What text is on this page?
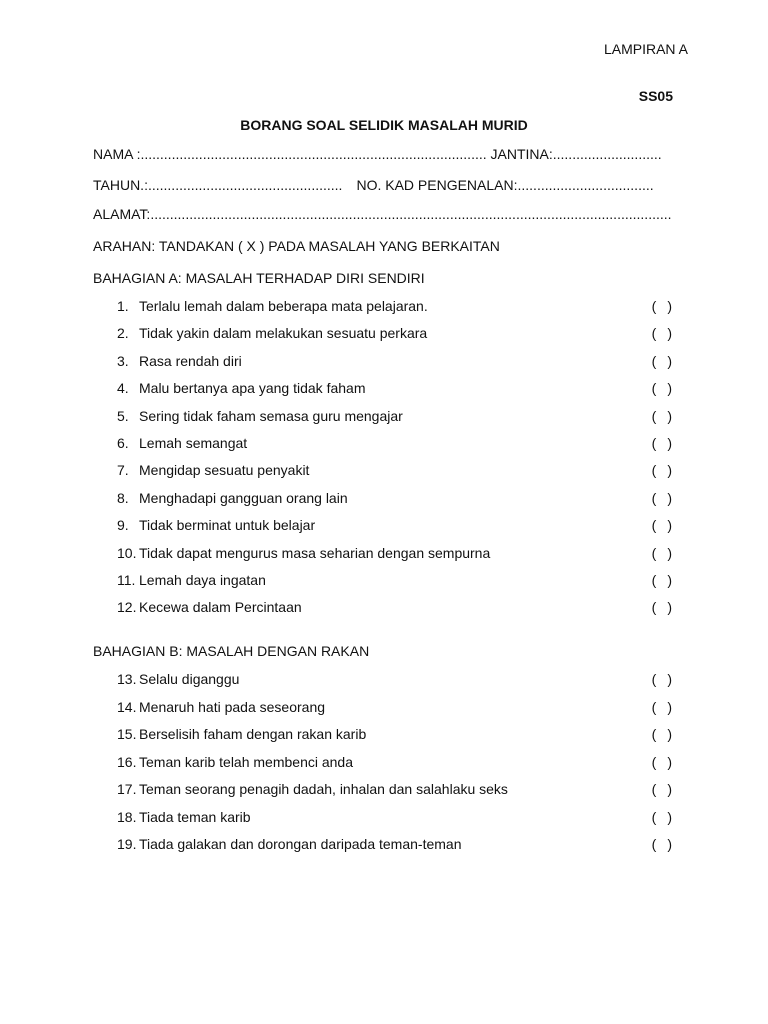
LAMPIRAN A
SS05
BORANG SOAL SELIDIK MASALAH MURID
NAMA :......................................................................................... JANTINA:............................
TAHUN.:.................................................. NO. KAD PENGENALAN:...................................
ALAMAT:......................................................................................................................................
ARAHAN: TANDAKAN ( X ) PADA MASALAH YANG BERKAITAN
BAHAGIAN A: MASALAH TERHADAP DIRI SENDIRI
1. Terlalu lemah dalam beberapa mata pelajaran.	( )
2. Tidak yakin dalam melakukan sesuatu perkara	( )
3. Rasa rendah diri	( )
4. Malu bertanya apa yang tidak faham	( )
5. Sering tidak faham semasa guru mengajar	( )
6. Lemah semangat	( )
7. Mengidap sesuatu penyakit	( )
8. Menghadapi gangguan orang lain	( )
9. Tidak berminat untuk belajar	( )
10. Tidak dapat mengurus masa seharian dengan sempurna	( )
11. Lemah daya ingatan	( )
12. Kecewa dalam Percintaan	( )
BAHAGIAN B: MASALAH DENGAN RAKAN
13. Selalu diganggu	( )
14. Menaruh hati pada seseorang	( )
15. Berselisih faham dengan rakan karib	( )
16. Teman karib telah membenci anda	( )
17. Teman seorang penagih dadah, inhalan dan salahlaku seks	( )
18. Tiada teman karib	( )
19. Tiada galakan dan dorongan daripada teman-teman	( )
